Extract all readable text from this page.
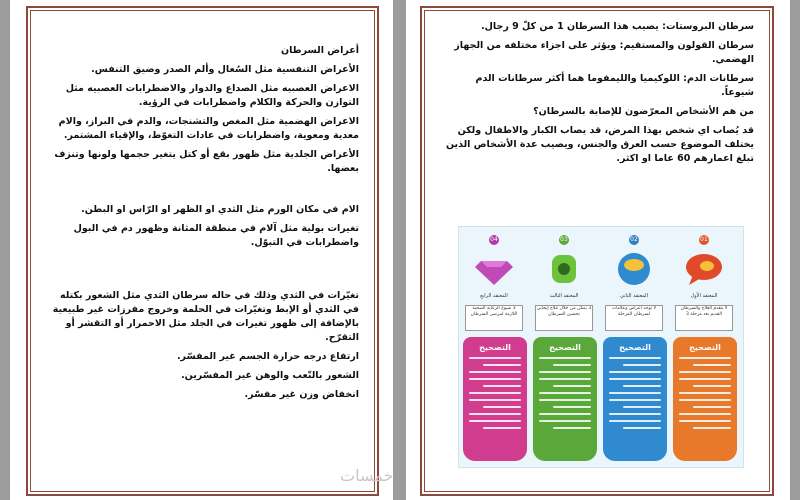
أعراض السرطان

الأعراض التنفسية مثل السُعال وألم الصدر وضيق التنفس.

الاعراض العصبيه مثل الصداع والدوار والاضطرابات العصبيه مثل التوازن والحركة والكلام واضطرابات في الرؤية.

الاعراض الهضمية مثل المغص والتشنجات، والدم في البراز، والام معدية ومعوية، واضطرابات في عادات التغوّط، والإقياء المشتمر.

الأعراض الجلدية مثل ظهور بقع أو كتل يتغير حجمها ولونها وتنزف بعضها.

الام في مكان الورم مثل الثدي او الظهر او الرّاس او البطن.

تغيرات بولية مثل آلام في منطقة المثانة وظهور دم في البول واضطرابات في التبوّل.

تغيّرات في الثدي وذلك في حاله سرطان الثدي مثل الشعور بكتله في الثدي أو الإبط وتغيّرات في الحلمة وخروج مفرزات غير طبيعية بالإضافة إلى ظهور تغيرات في الجلد مثل الاحمرار أو التقشر أو التقرّح.

ارتفاع درجه حرارة الجسم غير المفسّر.

الشعور بالتّعب والوهن غير المفسّرين.

انخفاض وزن غير مفسّر.

سرطان البروستات: يصيب هذا السرطان 1 من كلّ 9 رجال.

سرطان القولون والمستقيم: ويؤثر على اجزاء مختلفه من الجهاز الهضمي.

سرطانات الدم: اللوكيميا والليمفوما هما أكثر سرطانات الدم شيوعاً.

من هم الأشخاص المعرّضون للإصابة بالسرطان؟

قد يُصاب اي شخص بهذا المرض، قد يصاب الكبار والاطفال ولكن يختلف الموضوع حسب العرق والجنس، ويصيب عدة الأشخاص الذين تبلغ اعمارهم 60 عاما او اكثر.

04
المعتقد الرابع
3 شيوع الرعاية الصحية اللازمة لمرضى السرطان
03
المعتقد الثالث
3 يمكن من خلال علاج إيجابي تحسين السرطان
02
المعتقد الثاني
لا توجد أعراض وعلامات لسرطان المرحلة
01
المعتقد الأول
لا يتقدم العلاج والسرطان القديم بعد مرحلة 3
التصحيح	التصحيح	التصحيح	التصحيح
خمسات
